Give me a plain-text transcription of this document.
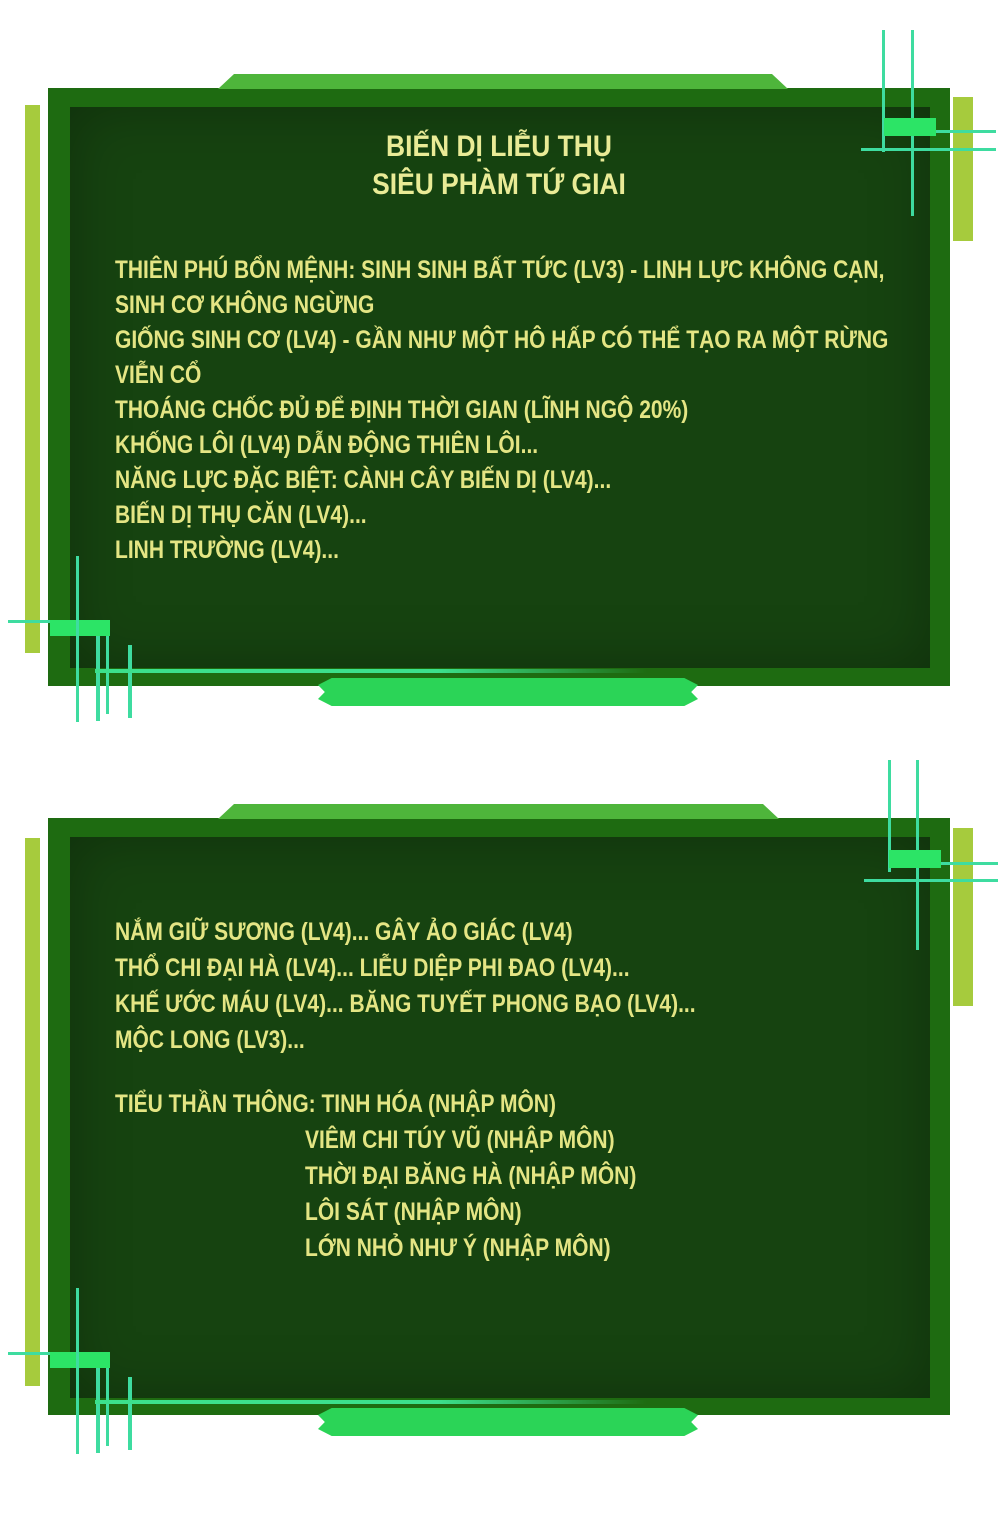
BIẾN DỊ LIỄU THỤ
SIÊU PHÀM TỨ GIAI
THIÊN PHÚ BỔN MỆNH: SINH SINH BẤT TỨC (LV3) - LINH LỰC KHÔNG CẠN,
SINH CƠ KHÔNG NGỪNG
GIỐNG SINH CƠ (LV4) - GẦN NHƯ MỘT HÔ HẤP CÓ THỂ TẠO RA MỘT RỪNG
VIỄN CỔ
THOÁNG CHỐC ĐỦ ĐỂ ĐỊNH THỜI GIAN (LĨNH NGỘ 20%)
KHỐNG LÔI (LV4) DẪN ĐỘNG THIÊN LÔI...
NĂNG LỰC ĐẶC BIỆT: CÀNH CÂY BIẾN DỊ (LV4)...
BIẾN DỊ THỤ CĂN (LV4)...
LINH TRƯỜNG (LV4)...
NẮM GIỮ SƯƠNG (LV4)... GÂY ẢO GIÁC (LV4)
THỔ CHI ĐẠI HÀ (LV4)... LIỄU DIỆP PHI ĐAO (LV4)...
KHẾ ƯỚC MÁU (LV4)... BĂNG TUYẾT PHONG BẠO (LV4)...
MỘC LONG (LV3)...
TIỂU THẦN THÔNG: TINH HÓA (NHẬP MÔN)
VIÊM CHI TÚY VŨ (NHẬP MÔN)
THỜI ĐẠI BĂNG HÀ (NHẬP MÔN)
LÔI SÁT (NHẬP MÔN)
LỚN NHỎ NHƯ Ý (NHẬP MÔN)
